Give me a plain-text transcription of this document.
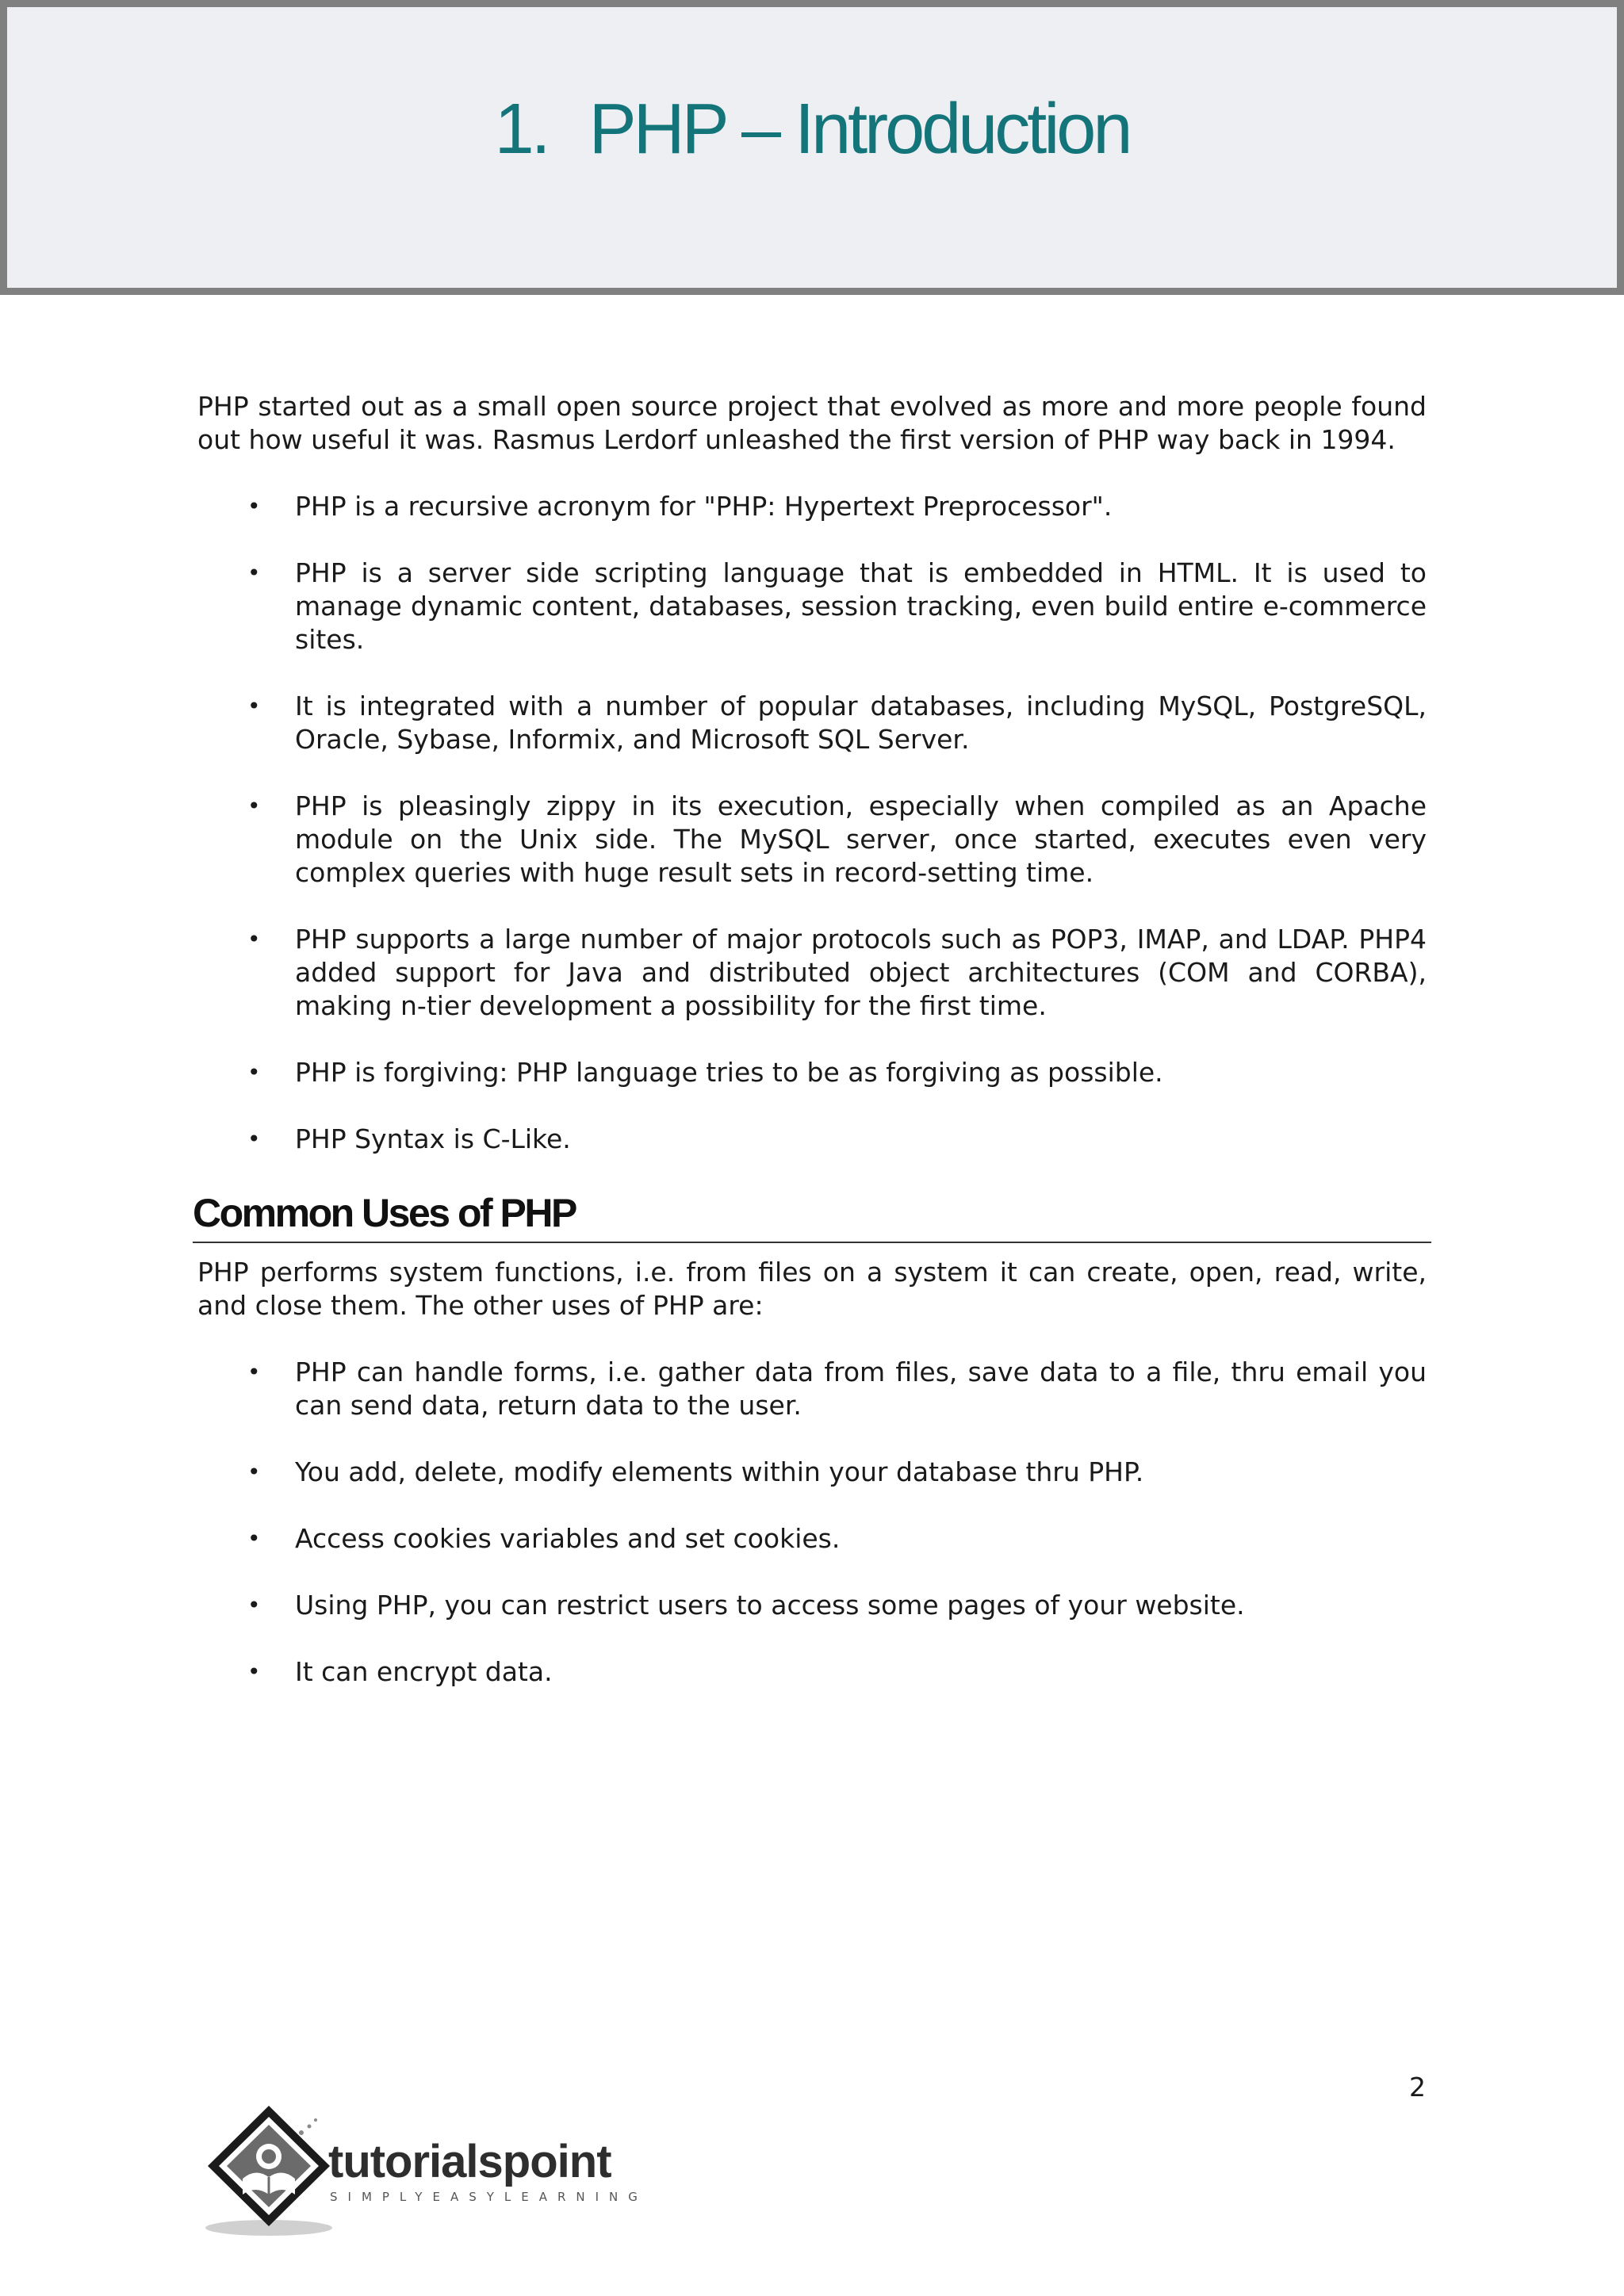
1. PHP – Introduction

PHP started out as a small open source project that evolved as more and more people found out how useful it was. Rasmus Lerdorf unleashed the first version of PHP way back in 1994.

• PHP is a recursive acronym for "PHP: Hypertext Preprocessor".
• PHP is a server side scripting language that is embedded in HTML. It is used to manage dynamic content, databases, session tracking, even build entire e-commerce sites.
• It is integrated with a number of popular databases, including MySQL, PostgreSQL, Oracle, Sybase, Informix, and Microsoft SQL Server.
• PHP is pleasingly zippy in its execution, especially when compiled as an Apache module on the Unix side. The MySQL server, once started, executes even very complex queries with huge result sets in record-setting time.
• PHP supports a large number of major protocols such as POP3, IMAP, and LDAP. PHP4 added support for Java and distributed object architectures (COM and CORBA), making n-tier development a possibility for the first time.
• PHP is forgiving: PHP language tries to be as forgiving as possible.
• PHP Syntax is C-Like.
Common Uses of PHP

PHP performs system functions, i.e. from files on a system it can create, open, read, write, and close them. The other uses of PHP are:

• PHP can handle forms, i.e. gather data from files, save data to a file, thru email you can send data, return data to the user.
• You add, delete, modify elements within your database thru PHP.
• Access cookies variables and set cookies.
• Using PHP, you can restrict users to access some pages of your website.
• It can encrypt data.
2
tutorialspoint
SIMPLYEASYLEARNING
